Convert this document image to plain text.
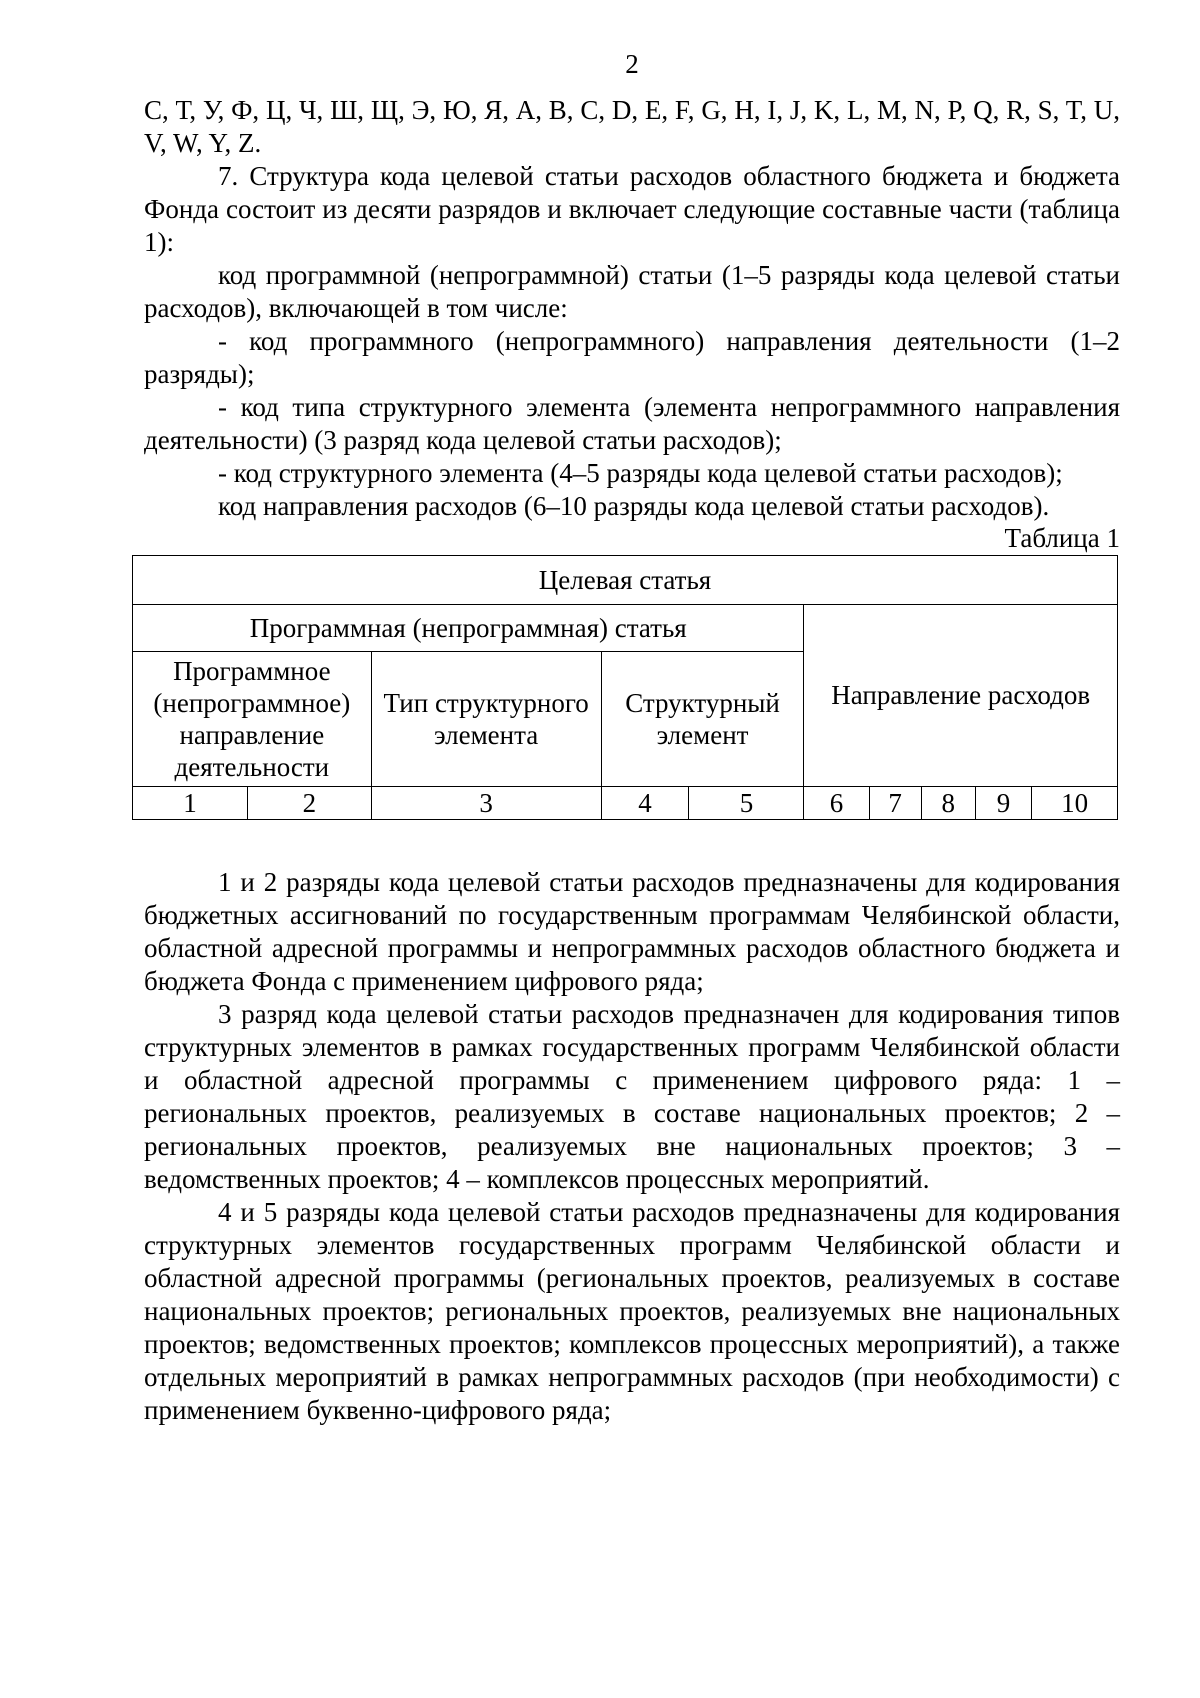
2

С, Т, У, Ф, Ц, Ч, Ш, Щ, Э, Ю, Я, A, B, C, D, E, F, G, H, I, J, K, L, M, N, P, Q, R, S, T, U, V, W, Y, Z.

7. Структура кода целевой статьи расходов областного бюджета и бюджета Фонда состоит из десяти разрядов и включает следующие составные части (таблица 1):

код программной (непрограммной) статьи (1–5 разряды кода целевой статьи расходов), включающей в том числе:

- код программного (непрограммного) направления деятельности (1–2 разряды);

- код типа структурного элемента (элемента непрограммного направления деятельности) (3 разряд кода целевой статьи расходов);

- код структурного элемента (4–5 разряды кода целевой статьи расходов);

код направления расходов (6–10 разряды кода целевой статьи расходов).

Таблица 1
Целевая статья									
Программная (непрограммная) статья					Направление расходов				
Программное (непрограммное) направление деятельности		Тип структурного элемента	Структурный элемент						
1	2	3	4	5	6	7	8	9	10

1 и 2 разряды кода целевой статьи расходов предназначены для кодирования бюджетных ассигнований по государственным программам Челябинской области, областной адресной программы и непрограммных расходов областного бюджета и бюджета Фонда с применением цифрового ряда;

3 разряд кода целевой статьи расходов предназначен для кодирования типов структурных элементов в рамках государственных программ Челябинской области и областной адресной программы с применением цифрового ряда: 1 – региональных проектов, реализуемых в составе национальных проектов; 2 – региональных проектов, реализуемых вне национальных проектов; 3 – ведомственных проектов; 4 – комплексов процессных мероприятий.

4 и 5 разряды кода целевой статьи расходов предназначены для кодирования структурных элементов государственных программ Челябинской области и областной адресной программы (региональных проектов, реализуемых в составе национальных проектов; региональных проектов, реализуемых вне национальных проектов; ведомственных проектов; комплексов процессных мероприятий), а также отдельных мероприятий в рамках непрограммных расходов (при необходимости) с применением буквенно-цифрового ряда;
